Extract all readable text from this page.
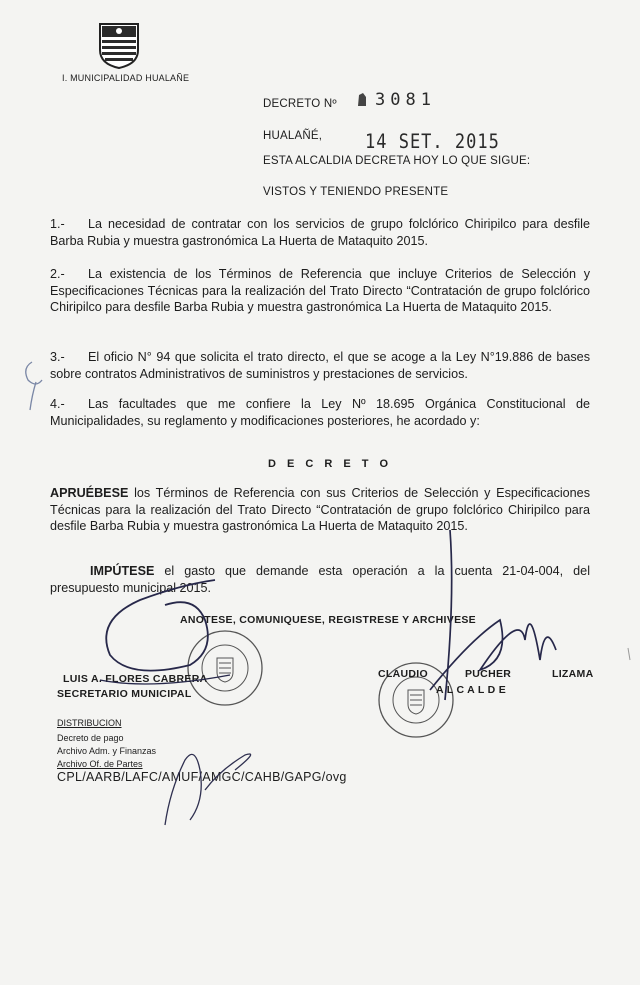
I. MUNICIPALIDAD HUALAÑE
DECRETO Nº 3081
HUALAÑÉ,	14 SET. 2015
ESTA ALCALDIA DECRETA HOY LO QUE SIGUE:
VISTOS Y TENIENDO PRESENTE
1.- La necesidad de contratar con los servicios de grupo folclórico Chiripilco para desfile Barba Rubia y muestra gastronómica La Huerta de Mataquito 2015.
2.- La existencia de los Términos de Referencia que incluye Criterios de Selección y Especificaciones Técnicas para la realización del Trato Directo “Contratación de grupo folclórico Chiripilco para desfile Barba Rubia y muestra gastronómica La Huerta de Mataquito 2015.
3.- El oficio N° 94 que solicita el trato directo, el que se acoge a la Ley N°19.886 de bases sobre contratos Administrativos de suministros y prestaciones de servicios.
4.- Las facultades que me confiere la Ley Nº 18.695 Orgánica Constitucional de Municipalidades, su reglamento y modificaciones posteriores, he acordado y:
D E C R E T O
APRUÉBESE los Términos de Referencia con sus Criterios de Selección y Especificaciones Técnicas para la realización del Trato Directo “Contratación de grupo folclórico Chiripilco para desfile Barba Rubia y muestra gastronómica La Huerta de Mataquito 2015.
IMPÚTESE el gasto que demande esta operación a la cuenta 21-04-004, del presupuesto municipal 2015.
ANOTESE, COMUNIQUESE, REGISTRESE Y ARCHIVESE
LUIS A. FLORES CABRERA
SECRETARIO MUNICIPAL
CLAUDIO	PUCHER	LIZAMA
A L C A L D E
DISTRIBUCION
Decreto de pago
Archivo Adm. y Finanzas
Archivo Of. de Partes
CPL/AARB/LAFC/AMUF/AMGC/CAHB/GAPG/ovg
